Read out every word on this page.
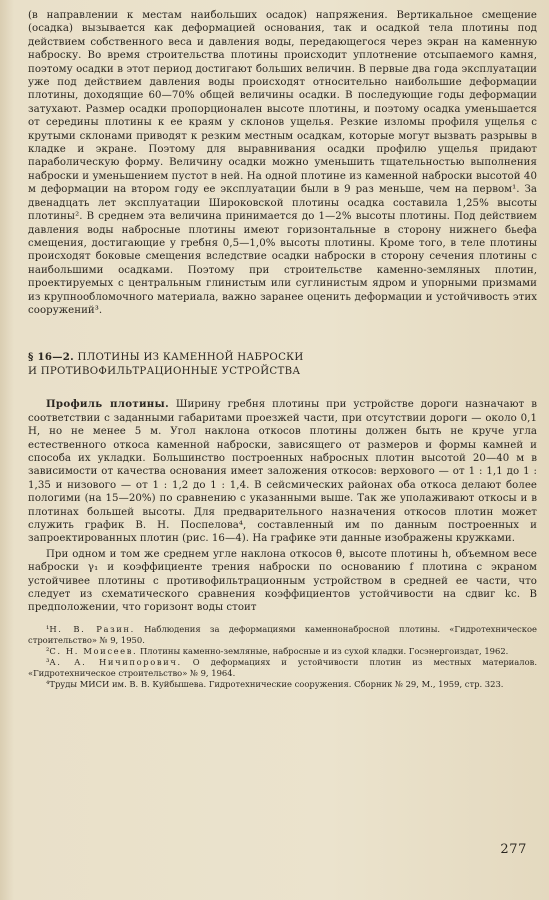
(в направлении к местам наибольших осадок) напряжения. Вертикальное смещение (осадка) вызывается как деформацией основания, так и осадкой тела плотины под действием собственного веса и давления воды, передающегося через экран на каменную наброску. Во время строительства плотины происходит уплотнение отсыпаемого камня, поэтому осадки в этот период достигают больших величин. В первые два года эксплуатации уже под действием давления воды происходят относительно наибольшие деформации плотины, доходящие 60—70% общей величины осадки. В последующие годы деформации затухают. Размер осадки пропорционален высоте плотины, и поэтому осадка уменьшается от середины плотины к ее краям у склонов ущелья. Резкие изломы профиля ущелья с крутыми склонами приводят к резким местным осадкам, которые могут вызвать разрывы в кладке и экране. Поэтому для выравнивания осадки профилю ущелья придают параболическую форму. Величину осадки можно уменьшить тщательностью выполнения наброски и уменьшением пустот в ней. На одной плотине из каменной наброски высотой 40 м деформации на втором году ее эксплуатации были в 9 раз меньше, чем на первом¹. За двенадцать лет эксплуатации Широковской плотины осадка составила 1,25% высоты плотины². В среднем эта величина принимается до 1—2% высоты плотины. Под действием давления воды набросные плотины имеют горизонтальные в сторону нижнего бьефа смещения, достигающие у гребня 0,5—1,0% высоты плотины. Кроме того, в теле плотины происходят боковые смещения вследствие осадки наброски в сторону сечения плотины с наибольшими осадками. Поэтому при строительстве каменно-земляных плотин, проектируемых с центральным глинистым или суглинистым ядром и упорными призмами из крупнообломочного материала, важно заранее оценить деформации и устойчивость этих сооружений³.

§ 16—2. ПЛОТИНЫ ИЗ КАМЕННОЙ НАБРОСКИ
И ПРОТИВОФИЛЬТРАЦИОННЫЕ УСТРОЙСТВА

Профиль плотины. Ширину гребня плотины при устройстве дороги назначают в соответствии с заданными габаритами проезжей части, при отсутствии дороги — около 0,1 H, но не менее 5 м. Угол наклона откосов плотины должен быть не круче угла естественного откоса каменной наброски, зависящего от размеров и формы камней и способа их укладки. Большинство построенных набросных плотин высотой 20—40 м в зависимости от качества основания имеет заложения откосов: верхового — от 1 : 1,1 до 1 : 1,35 и низового — от 1 : 1,2 до 1 : 1,4. В сейсмических районах оба откоса делают более пологими (на 15—20%) по сравнению с указанными выше. Так же уполаживают откосы и в плотинах большей высоты. Для предварительного назначения откосов плотин может служить график В. Н. Поспелова⁴, составленный им по данным построенных и запроектированных плотин (рис. 16—4). На графике эти данные изображены кружками.

При одном и том же среднем угле наклона откосов θ, высоте плотины h, объемном весе наброски γ₁ и коэффициенте трения наброски по основанию f плотина с экраном устойчивее плотины с противофильтрационным устройством в средней ее части, что следует из схематического сравнения коэффициентов устойчивости на сдвиг kс. В предположении, что горизонт воды стоит

¹Н. В. Разин. Наблюдения за деформациями каменнонабросной плотины. «Гидротехническое строительство» № 9, 1950.

²С. Н. Моисеев. Плотины каменно-земляные, набросные и из сухой кладки. Госэнергоиздат, 1962.

³А. А. Ничипорович. О деформациях и устойчивости плотин из местных материалов. «Гидротехническое строительство» № 9, 1964.

⁴Труды МИСИ им. В. В. Куйбышева. Гидротехнические сооружения. Сборник № 29, М., 1959, стр. 323.

277
